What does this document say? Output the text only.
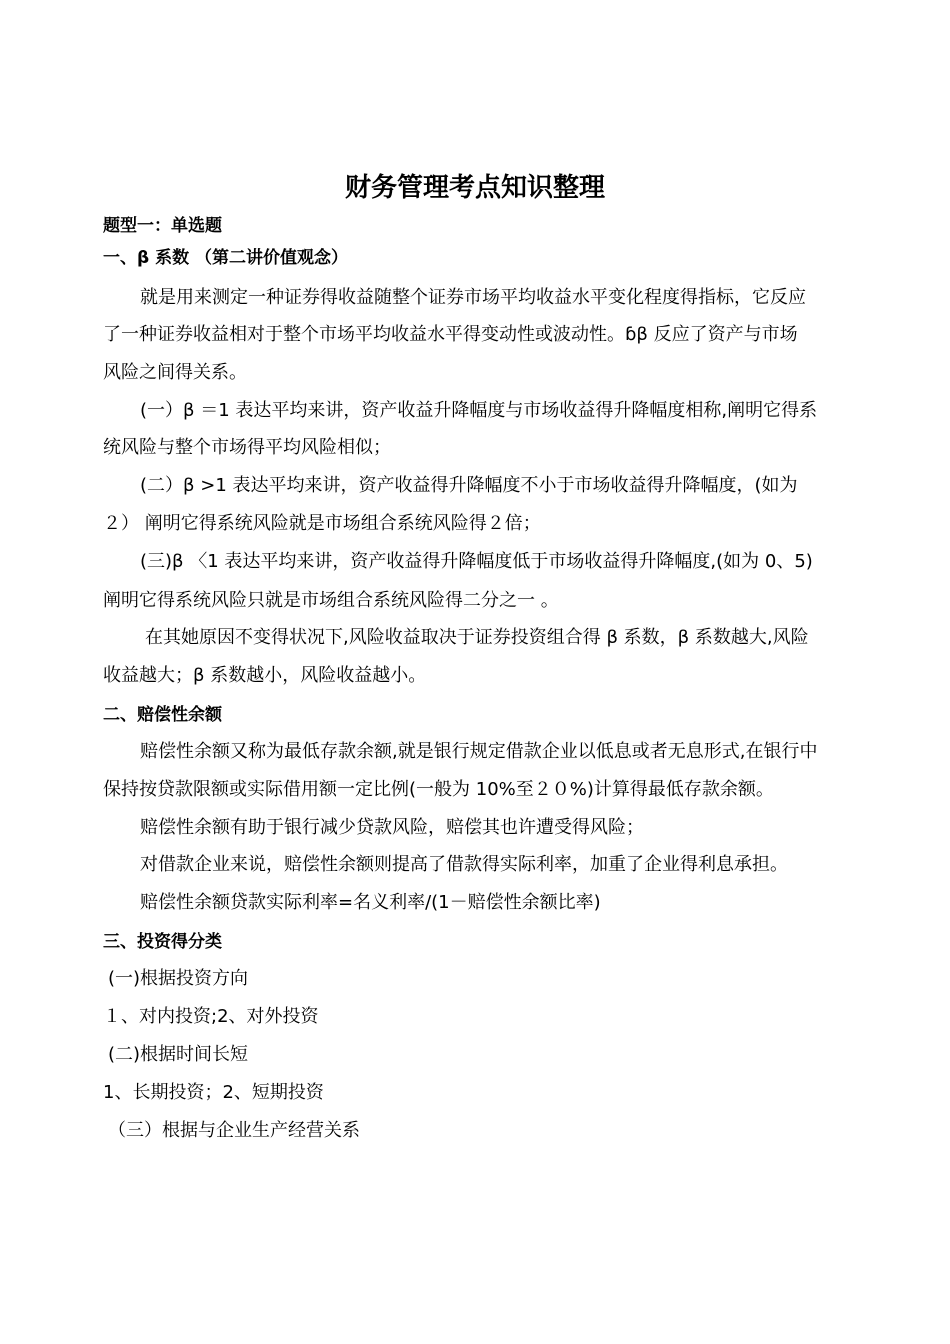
财务管理考点知识整理
题型一：单选题
一、β 系数 （第二讲价值观念）
就是用来测定一种证券得收益随整个证券市场平均收益水平变化程度得指标，它反应
了一种证券收益相对于整个市场平均收益水平得变动性或波动性。ɓβ 反应了资产与市场
风险之间得关系。
(一）β ＝1 表达平均来讲，资产收益升降幅度与市场收益得升降幅度相称,阐明它得系
统风险与整个市场得平均风险相似；
(二）β >1 表达平均来讲，资产收益得升降幅度不小于市场收益得升降幅度，(如为
２） 阐明它得系统风险就是市场组合系统风险得２倍；
(三)β 〈1 表达平均来讲，资产收益得升降幅度低于市场收益得升降幅度,(如为 0、5)
阐明它得系统风险只就是市场组合系统风险得二分之一 。
在其她原因不变得状况下,风险收益取决于证券投资组合得 β 系数，β 系数越大,风险
收益越大；β 系数越小，风险收益越小。
二、赔偿性余额
赔偿性余额又称为最低存款余额,就是银行规定借款企业以低息或者无息形式,在银行中
保持按贷款限额或实际借用额一定比例(一般为 10%至２０%)计算得最低存款余额。
赔偿性余额有助于银行减少贷款风险，赔偿其也许遭受得风险；
对借款企业来说，赔偿性余额则提高了借款得实际利率，加重了企业得利息承担。
赔偿性余额贷款实际利率=名义利率/(1－赔偿性余额比率)
三、投资得分类
(一)根据投资方向
１、对内投资;2、对外投资
(二)根据时间长短
1、长期投资；2、短期投资
（三）根据与企业生产经营关系
